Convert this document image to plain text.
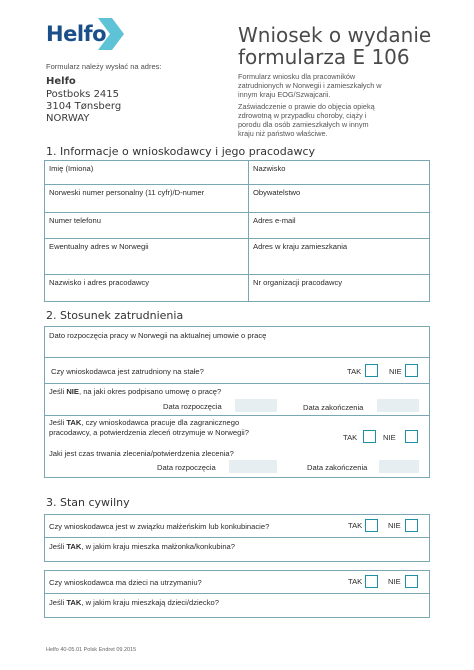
Helfo
Formularz należy wysłać na adres:
Helfo
Postboks 2415
3104 Tønsberg
NORWAY
Wniosek o wydanie
formularza E 106
Formularz wniosku dla pracowników
zatrudnionych w Norwegii i zamieszkałych w
innym kraju EOG/Szwajcarii.
Zaświadczenie o prawie do objęcia opieką
zdrowotną w przypadku choroby, ciąży i
porodu dla osób zamieszkałych w innym
kraju niż państwo właściwe.
1. Informacje o wnioskodawcy i jego pracodawcy
Imię (Imiona)	Nazwisko
Norweski numer personalny (11 cyfr)/D-numer	Obywatelstwo
Numer telefonu	Adres e-mail
Ewentualny adres w Norwegii	Adres w kraju zamieszkania
Nazwisko i adres pracodawcy	Nr organizacji pracodawcy
2. Stosunek zatrudnienia
Dato rozpoczęcia pracy w Norwegii na aktualnej umowie o pracę
Czy wnioskodawca jest zatrudniony na stałe?	TAK	NIE
Jeśli NIE, na jaki okres podpisano umowę o pracę?
Data rozpoczęcia	Data zakończenia
Jeśli TAK, czy wnioskodawca pracuje dla zagranicznego
pracodawcy, a potwierdzenia zleceń otrzymuje w Norwegii?
TAK	NIE
Jaki jest czas trwania zlecenia/potwierdzenia zlecenia?
Data rozpoczęcia	Data zakończenia
3. Stan cywilny
Czy wnioskodawca jest w związku małżeńskim lub konkubinacie?	TAK	NIE
Jeśli TAK, w jakim kraju mieszka małżonka/konkubina?
Czy wnioskodawca ma dzieci na utrzymaniu?	TAK	NIE
Jeśli TAK, w jakim kraju mieszkają dzieci/dziecko?
Helfo 40-05.01 Polsk Endret 09.2015
